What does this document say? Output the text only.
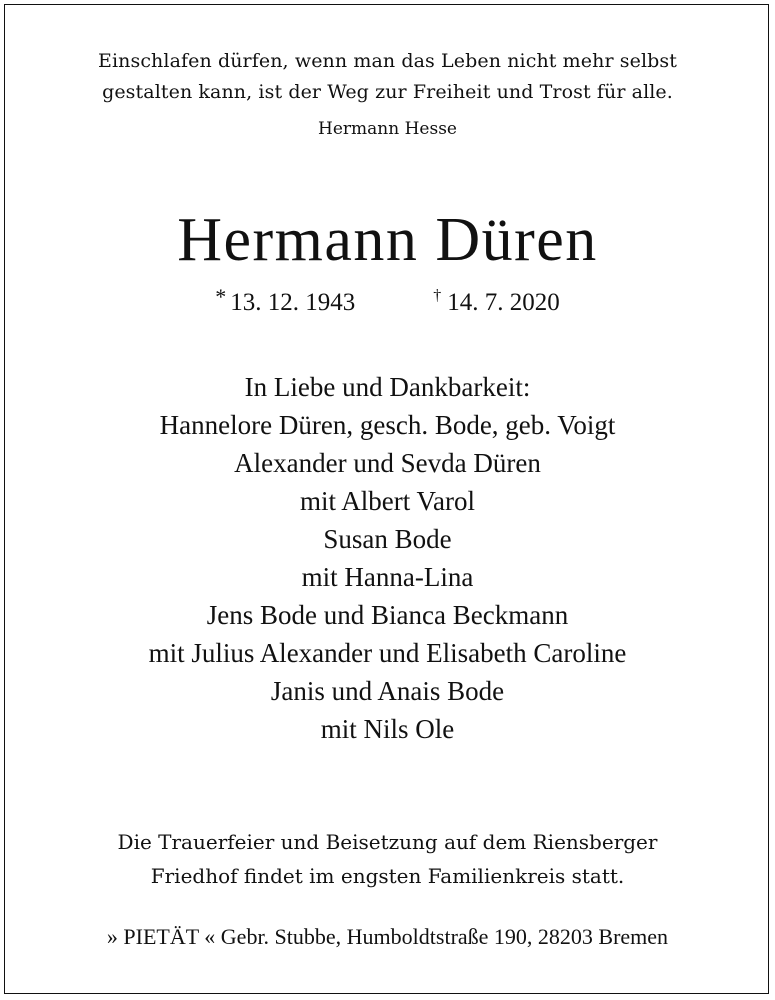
Einschlafen dürfen, wenn man das Leben nicht mehr selbst
gestalten kann, ist der Weg zur Freiheit und Trost für alle.
Hermann Hesse
Hermann Düren
* 13. 12. 1943	† 14. 7. 2020
In Liebe und Dankbarkeit:
Hannelore Düren, gesch. Bode, geb. Voigt
Alexander und Sevda Düren
mit Albert Varol
Susan Bode
mit Hanna-Lina
Jens Bode und Bianca Beckmann
mit Julius Alexander und Elisabeth Caroline
Janis und Anais Bode
mit Nils Ole
Die Trauerfeier und Beisetzung auf dem Riensberger
Friedhof findet im engsten Familienkreis statt.
» PIETÄT « Gebr. Stubbe, Humboldtstraße 190, 28203 Bremen
